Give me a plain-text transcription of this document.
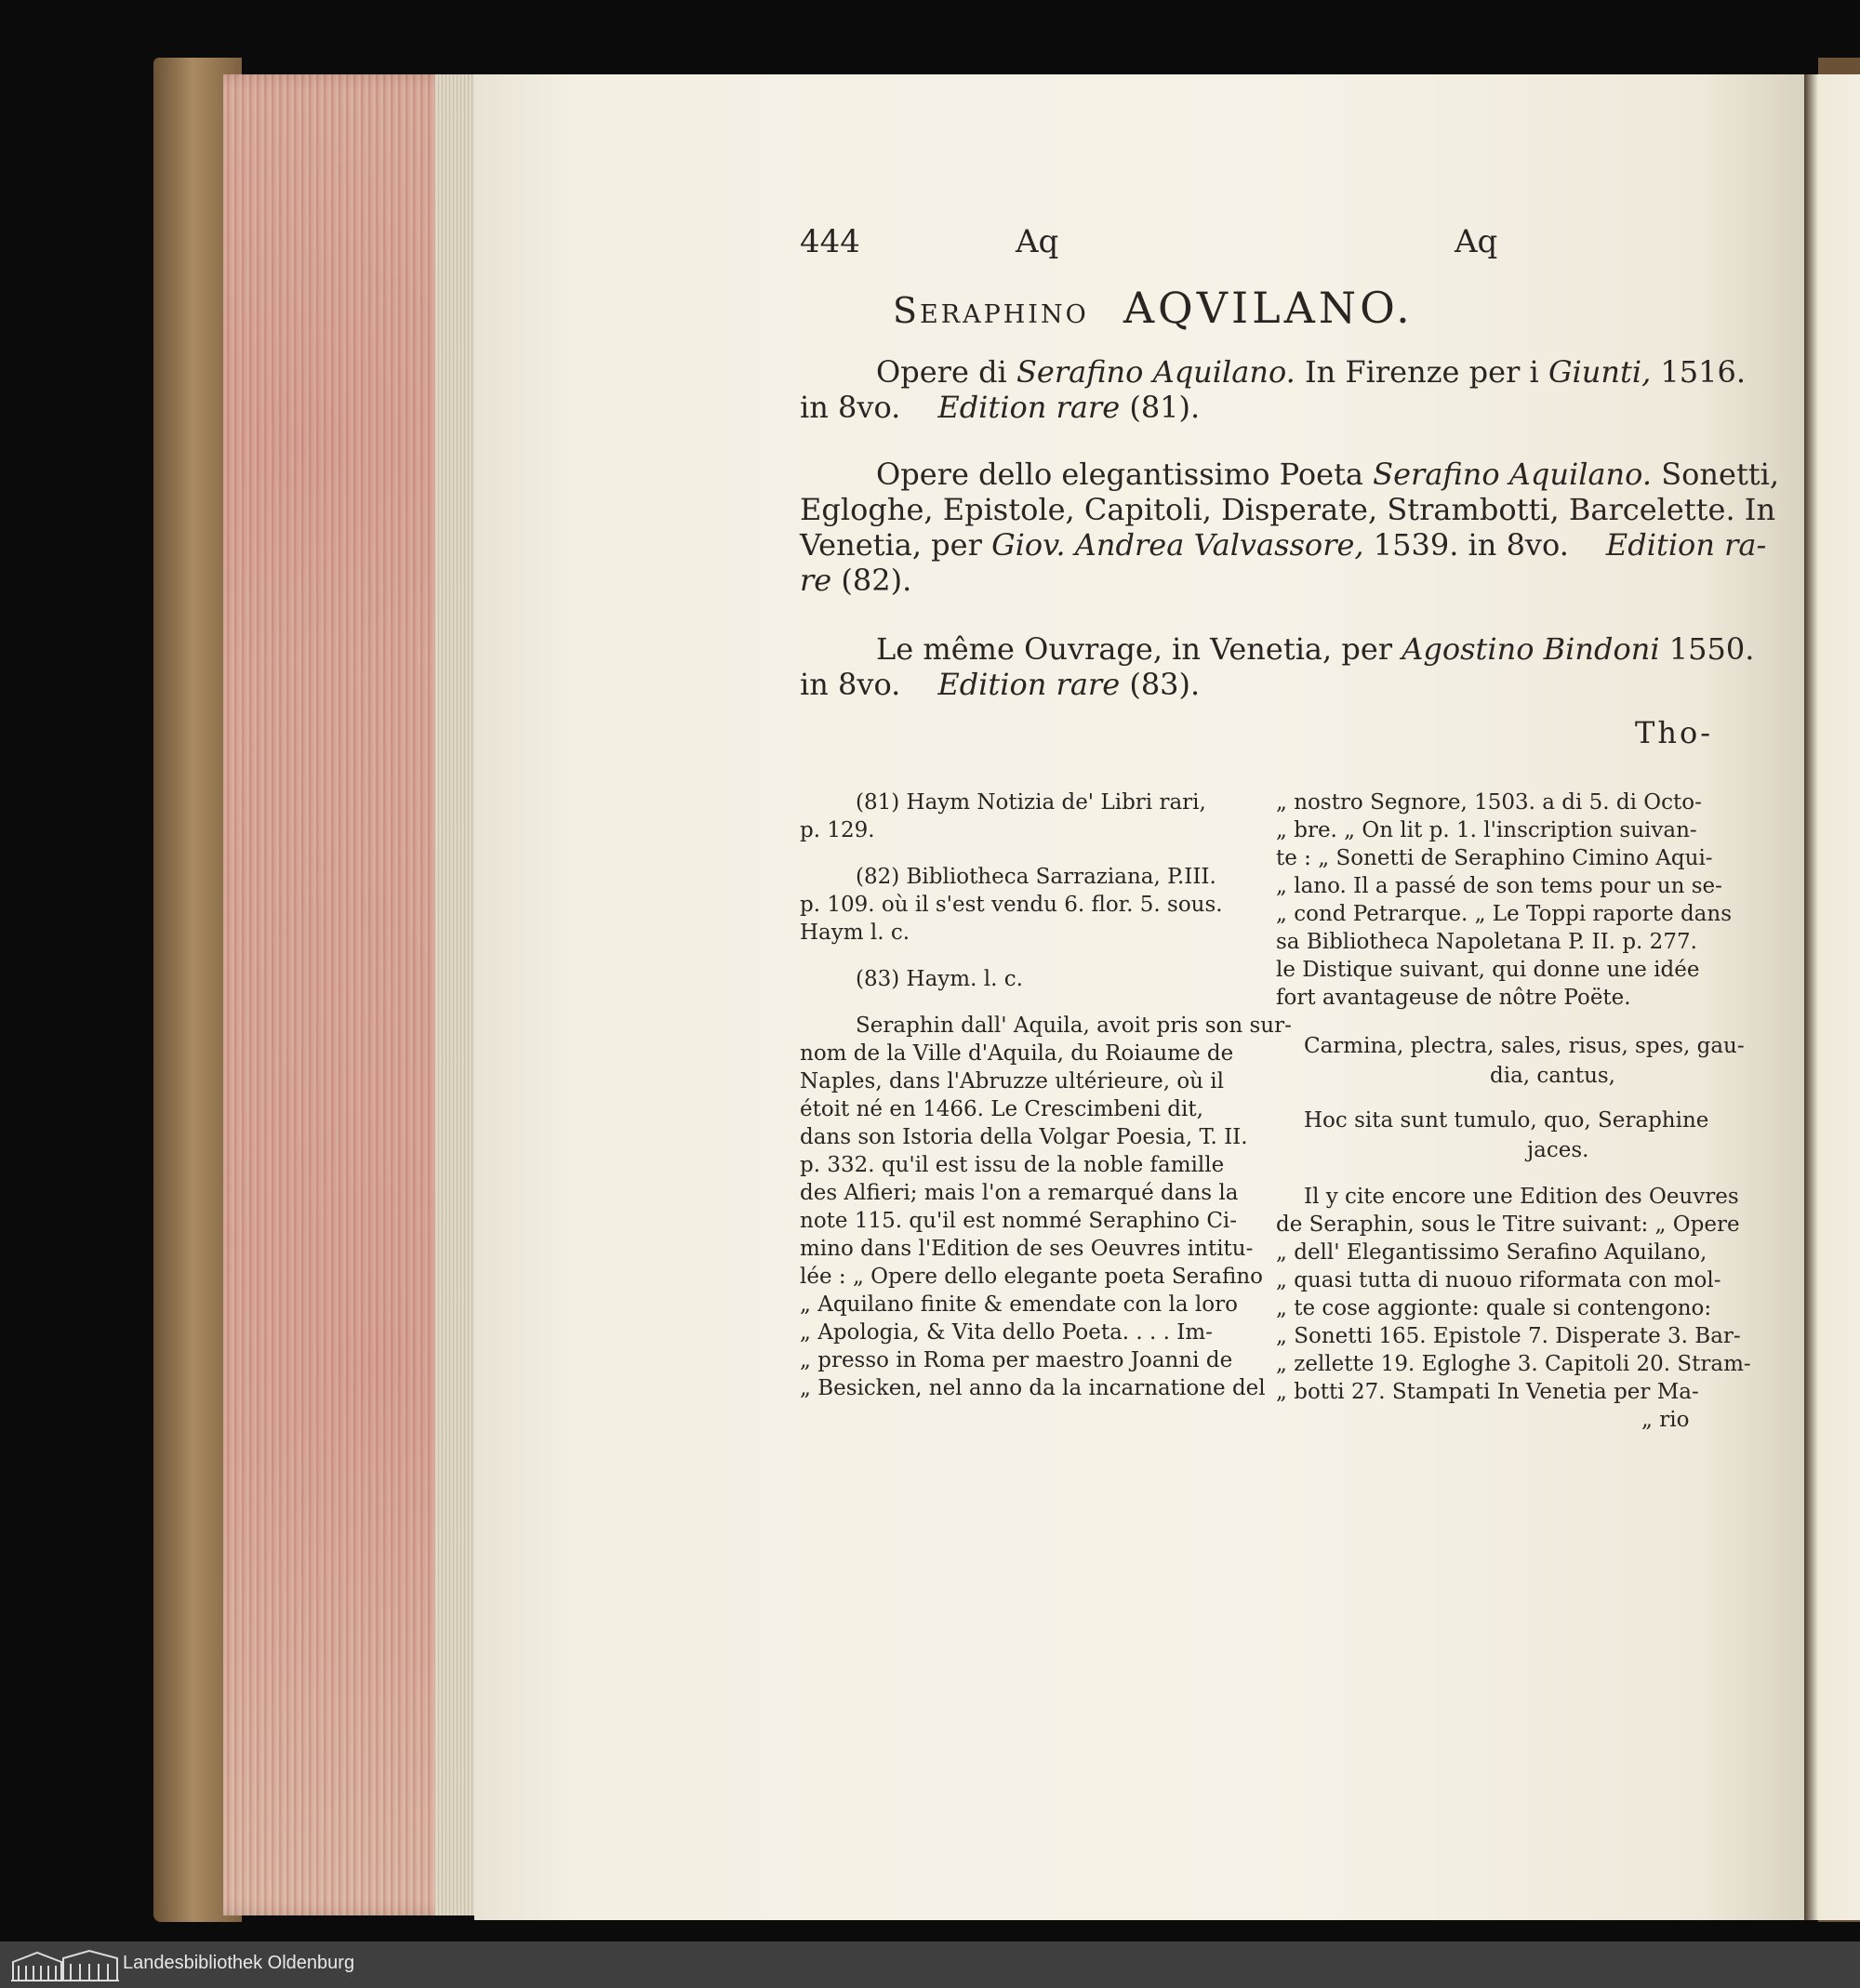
444	Aq	Aq
Seraphino AQVILANO.
Opere di Serafino Aquilano. In Firenze per i Giunti, 1516.
in 8vo. Edition rare (81).
Opere dello elegantissimo Poeta Serafino Aquilano. Sonetti,
Egloghe, Epistole, Capitoli, Disperate, Strambotti, Barcelette. In
Venetia, per Giov. Andrea Valvassore, 1539. in 8vo. Edition ra-
re (82).
Le même Ouvrage, in Venetia, per Agostino Bindoni 1550.
in 8vo. Edition rare (83).
Tho-
(81) Haym Notizia de' Libri rari,
p. 129.
(82) Bibliotheca Sarraziana, P.III.
p. 109. où il s'est vendu 6. flor. 5. sous.
Haym l. c.
(83) Haym. l. c.
Seraphin dall' Aquila, avoit pris son sur-
nom de la Ville d'Aquila, du Roiaume de
Naples, dans l'Abruzze ultérieure, où il
étoit né en 1466. Le Crescimbeni dit,
dans son Istoria della Volgar Poesia, T. II.
p. 332. qu'il est issu de la noble famille
des Alfieri; mais l'on a remarqué dans la
note 115. qu'il est nommé Seraphino Ci-
mino dans l'Edition de ses Oeuvres intitu-
lée : „ Opere dello elegante poeta Serafino
„ Aquilano finite & emendate con la loro
„ Apologia, & Vita dello Poeta. . . . Im-
„ presso in Roma per maestro Joanni de
„ Besicken, nel anno da la incarnatione del
„ nostro Segnore, 1503. a di 5. di Octo-
„ bre. „ On lit p. 1. l'inscription suivan-
te : „ Sonetti de Seraphino Cimino Aqui-
„ lano. Il a passé de son tems pour un se-
„ cond Petrarque. „ Le Toppi raporte dans
sa Bibliotheca Napoletana P. II. p. 277.
le Distique suivant, qui donne une idée
fort avantageuse de nôtre Poëte.
Carmina, plectra, sales, risus, spes, gau-
dia, cantus,
Hoc sita sunt tumulo, quo, Seraphine
jaces.
Il y cite encore une Edition des Oeuvres
de Seraphin, sous le Titre suivant: „ Opere
„ dell' Elegantissimo Serafino Aquilano,
„ quasi tutta di nuouo riformata con mol-
„ te cose aggionte: quale si contengono:
„ Sonetti 165. Epistole 7. Disperate 3. Bar-
„ zellette 19. Egloghe 3. Capitoli 20. Stram-
„ botti 27. Stampati In Venetia per Ma-
„ rio
Landesbibliothek Oldenburg
